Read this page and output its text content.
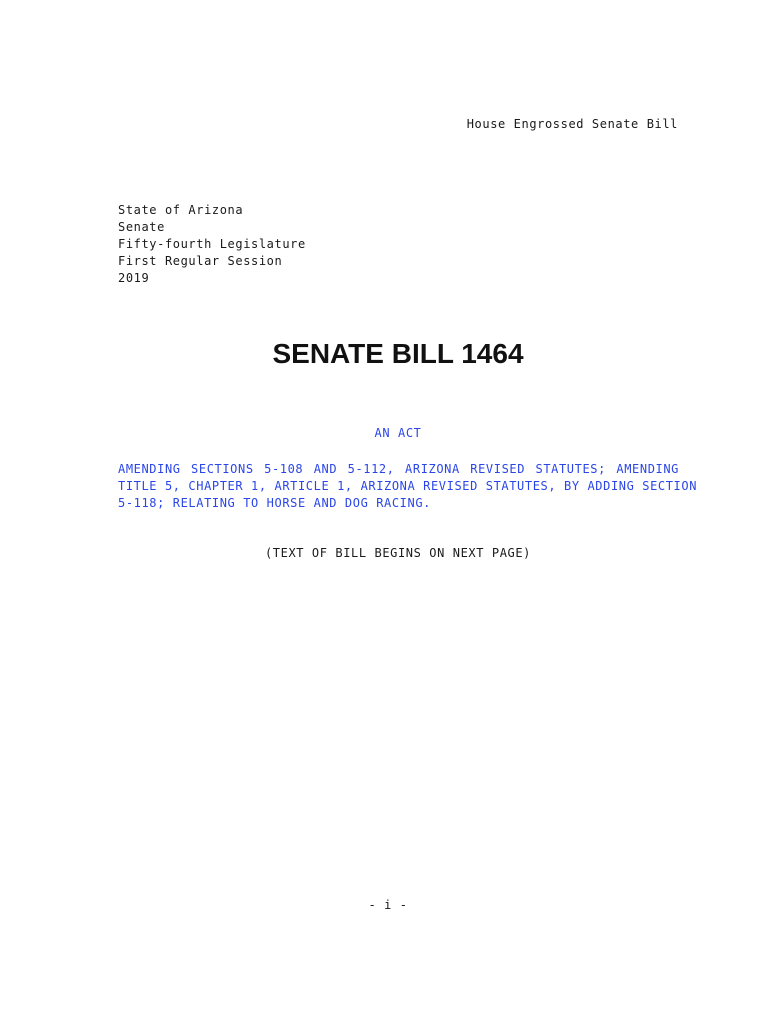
House Engrossed Senate Bill
State of Arizona
Senate
Fifty-fourth Legislature
First Regular Session
2019
SENATE BILL 1464
AN ACT
AMENDING SECTIONS 5-108 AND 5-112, ARIZONA REVISED STATUTES; AMENDING
TITLE 5, CHAPTER 1, ARTICLE 1, ARIZONA REVISED STATUTES, BY ADDING SECTION
5-118; RELATING TO HORSE AND DOG RACING.
(TEXT OF BILL BEGINS ON NEXT PAGE)
- i -
